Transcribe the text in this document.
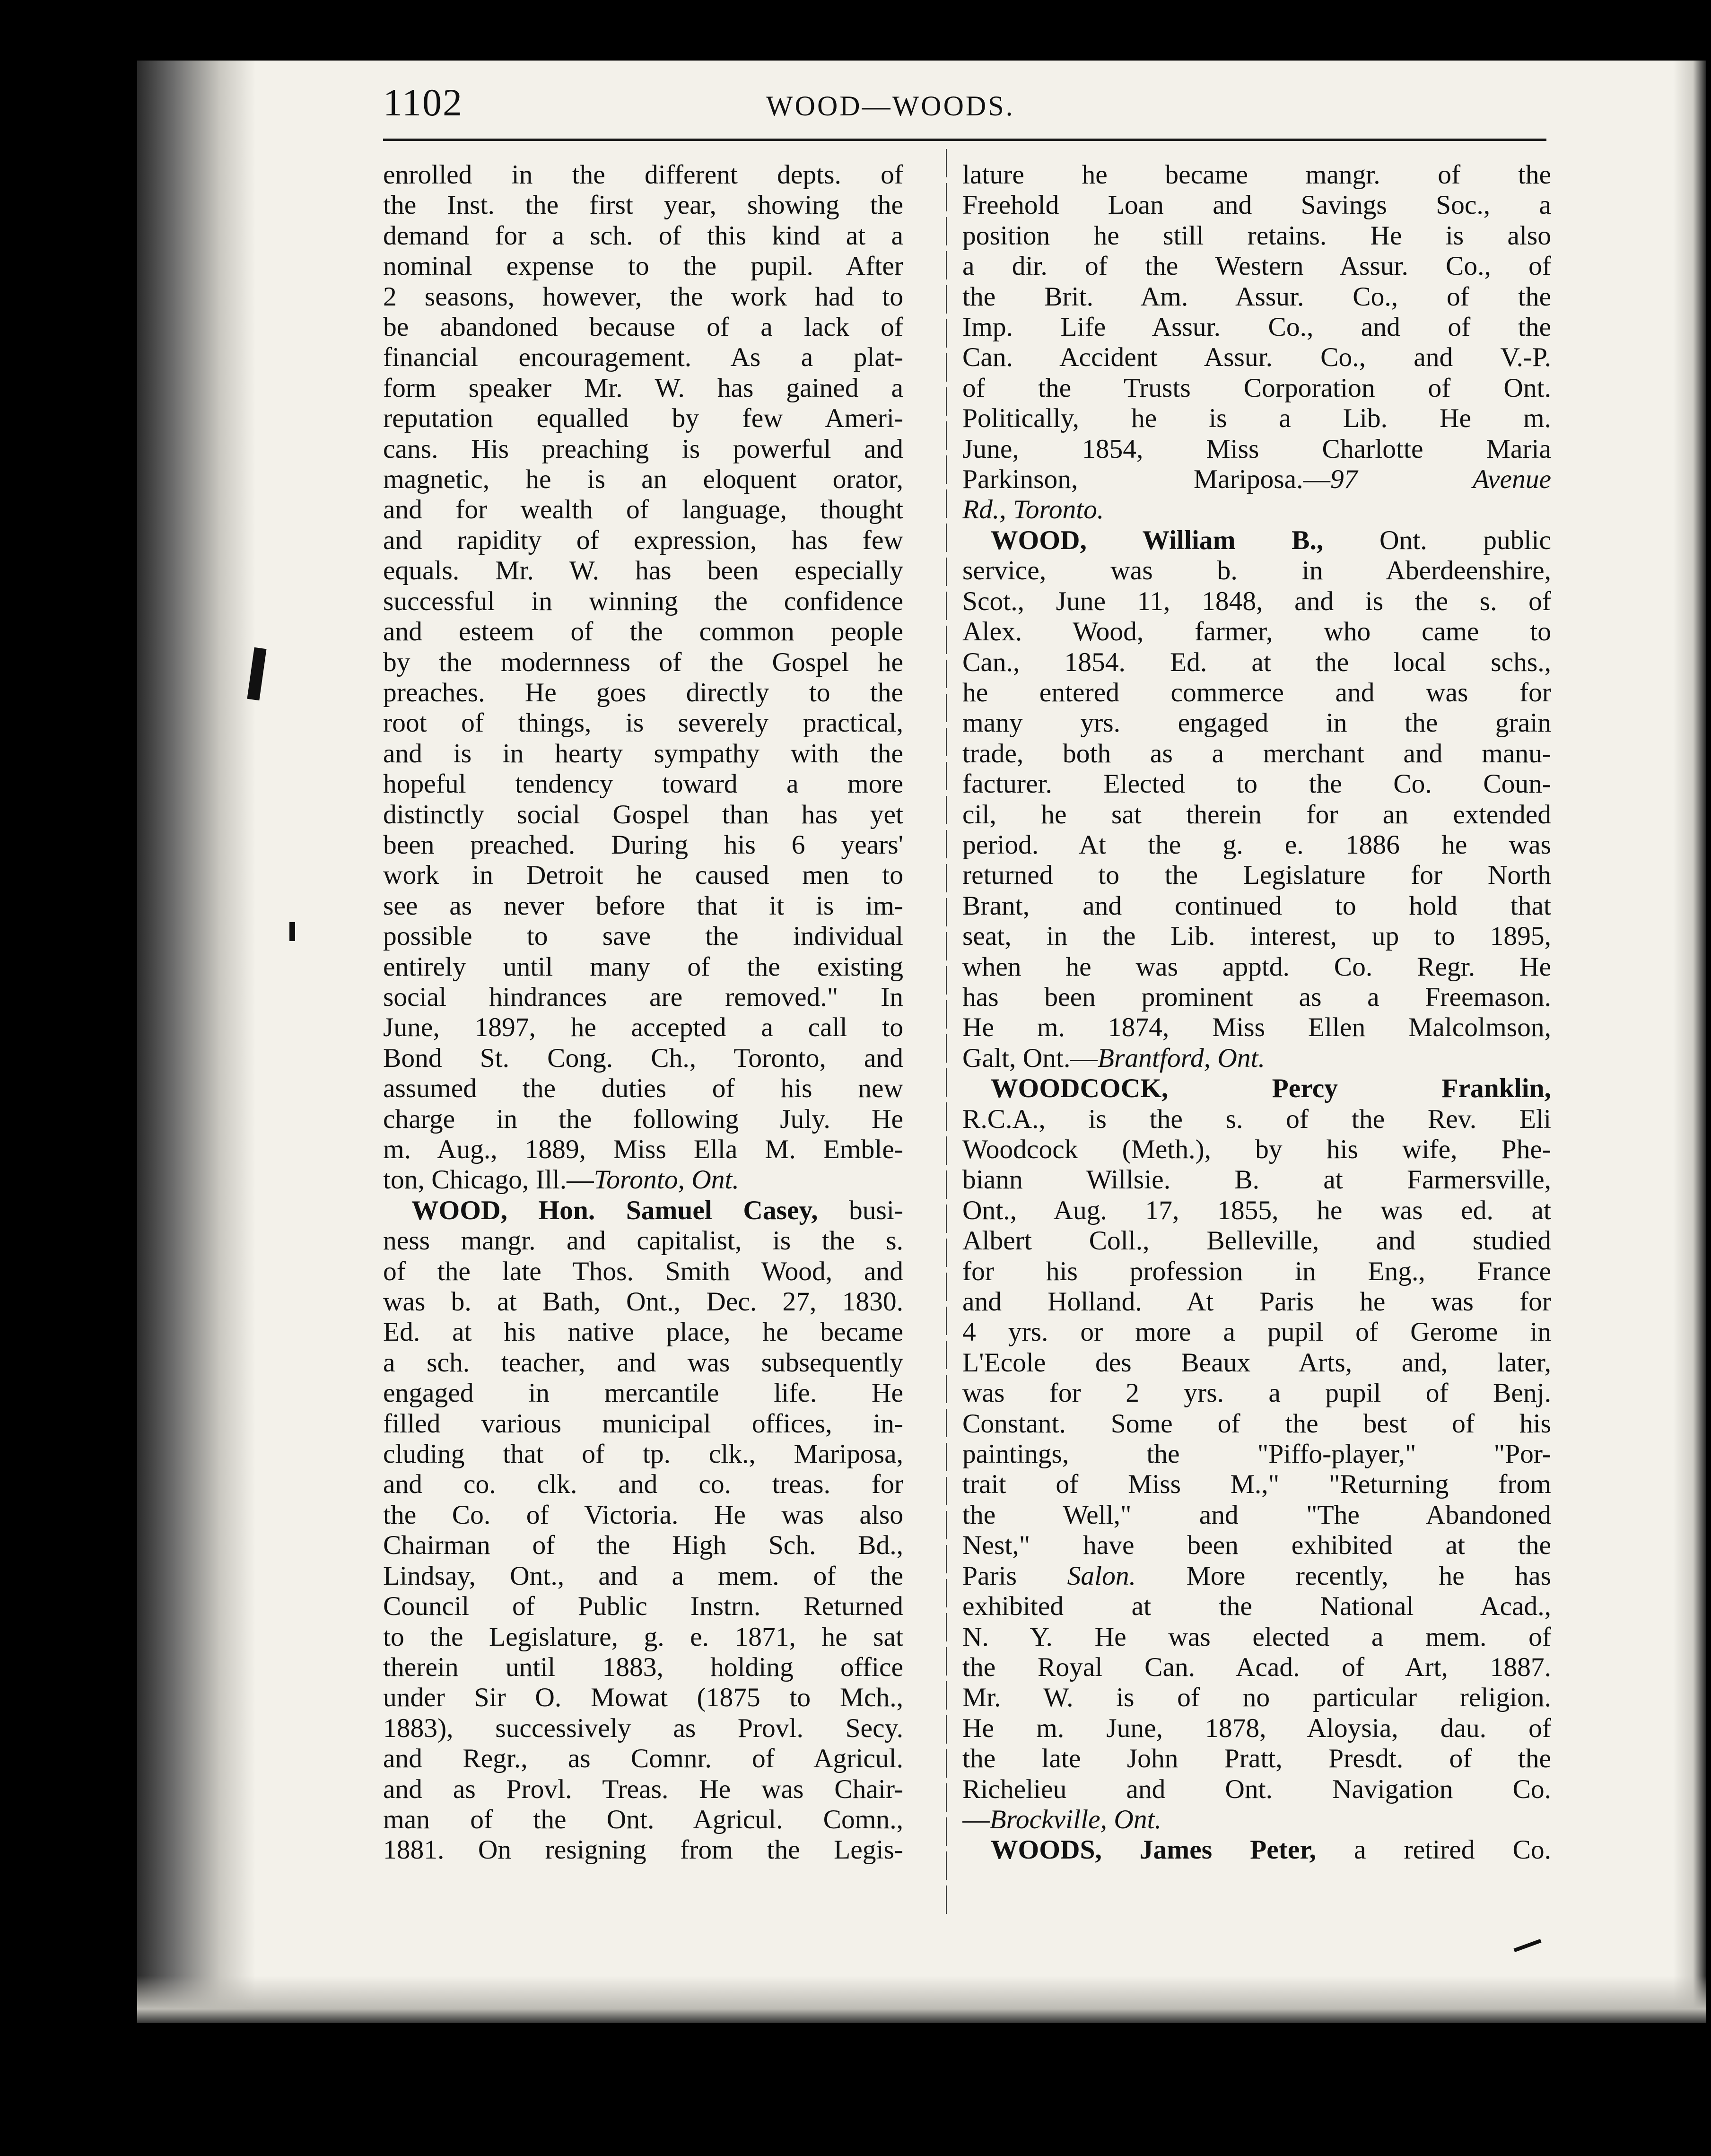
1102	WOOD—WOODS.
enrolled in the different depts. of
the Inst. the first year, showing the
demand for a sch. of this kind at a
nominal expense to the pupil. After
2 seasons, however, the work had to
be abandoned because of a lack of
financial encouragement. As a plat-
form speaker Mr. W. has gained a
reputation equalled by few Ameri-
cans. His preaching is powerful and
magnetic, he is an eloquent orator,
and for wealth of language, thought
and rapidity of expression, has few
equals. Mr. W. has been especially
successful in winning the confidence
and esteem of the common people
by the modernness of the Gospel he
preaches. He goes directly to the
root of things, is severely practical,
and is in hearty sympathy with the
hopeful tendency toward a more
distinctly social Gospel than has yet
been preached. During his 6 years'
work in Detroit he caused men to
see as never before that it is im-
possible to save the individual
entirely until many of the existing
social hindrances are removed." In
June, 1897, he accepted a call to
Bond St. Cong. Ch., Toronto, and
assumed the duties of his new
charge in the following July. He
m. Aug., 1889, Miss Ella M. Emble-
ton, Chicago, Ill.—Toronto, Ont.
WOOD, Hon. Samuel Casey, busi-
ness mangr. and capitalist, is the s.
of the late Thos. Smith Wood, and
was b. at Bath, Ont., Dec. 27, 1830.
Ed. at his native place, he became
a sch. teacher, and was subsequently
engaged in mercantile life. He
filled various municipal offices, in-
cluding that of tp. clk., Mariposa,
and co. clk. and co. treas. for
the Co. of Victoria. He was also
Chairman of the High Sch. Bd.,
Lindsay, Ont., and a mem. of the
Council of Public Instrn. Returned
to the Legislature, g. e. 1871, he sat
therein until 1883, holding office
under Sir O. Mowat (1875 to Mch.,
1883), successively as Provl. Secy.
and Regr., as Comnr. of Agricul.
and as Provl. Treas. He was Chair-
man of the Ont. Agricul. Comn.,
1881. On resigning from the Legis-
lature he became mangr. of the
Freehold Loan and Savings Soc., a
position he still retains. He is also
a dir. of the Western Assur. Co., of
the Brit. Am. Assur. Co., of the
Imp. Life Assur. Co., and of the
Can. Accident Assur. Co., and V.-P.
of the Trusts Corporation of Ont.
Politically, he is a Lib. He m.
June, 1854, Miss Charlotte Maria
Parkinson, Mariposa.—97 Avenue
Rd., Toronto.
WOOD, William B., Ont. public
service, was b. in Aberdeenshire,
Scot., June 11, 1848, and is the s. of
Alex. Wood, farmer, who came to
Can., 1854. Ed. at the local schs.,
he entered commerce and was for
many yrs. engaged in the grain
trade, both as a merchant and manu-
facturer. Elected to the Co. Coun-
cil, he sat therein for an extended
period. At the g. e. 1886 he was
returned to the Legislature for North
Brant, and continued to hold that
seat, in the Lib. interest, up to 1895,
when he was apptd. Co. Regr. He
has been prominent as a Freemason.
He m. 1874, Miss Ellen Malcolmson,
Galt, Ont.—Brantford, Ont.
WOODCOCK, Percy Franklin,
R.C.A., is the s. of the Rev. Eli
Woodcock (Meth.), by his wife, Phe-
biann Willsie. B. at Farmersville,
Ont., Aug. 17, 1855, he was ed. at
Albert Coll., Belleville, and studied
for his profession in Eng., France
and Holland. At Paris he was for
4 yrs. or more a pupil of Gerome in
L'Ecole des Beaux Arts, and, later,
was for 2 yrs. a pupil of Benj.
Constant. Some of the best of his
paintings, the "Piffo-player," "Por-
trait of Miss M.," "Returning from
the Well," and "The Abandoned
Nest," have been exhibited at the
Paris Salon. More recently, he has
exhibited at the National Acad.,
N. Y. He was elected a mem. of
the Royal Can. Acad. of Art, 1887.
Mr. W. is of no particular religion.
He m. June, 1878, Aloysia, dau. of
the late John Pratt, Presdt. of the
Richelieu and Ont. Navigation Co.
—Brockville, Ont.
WOODS, James Peter, a retired Co.
